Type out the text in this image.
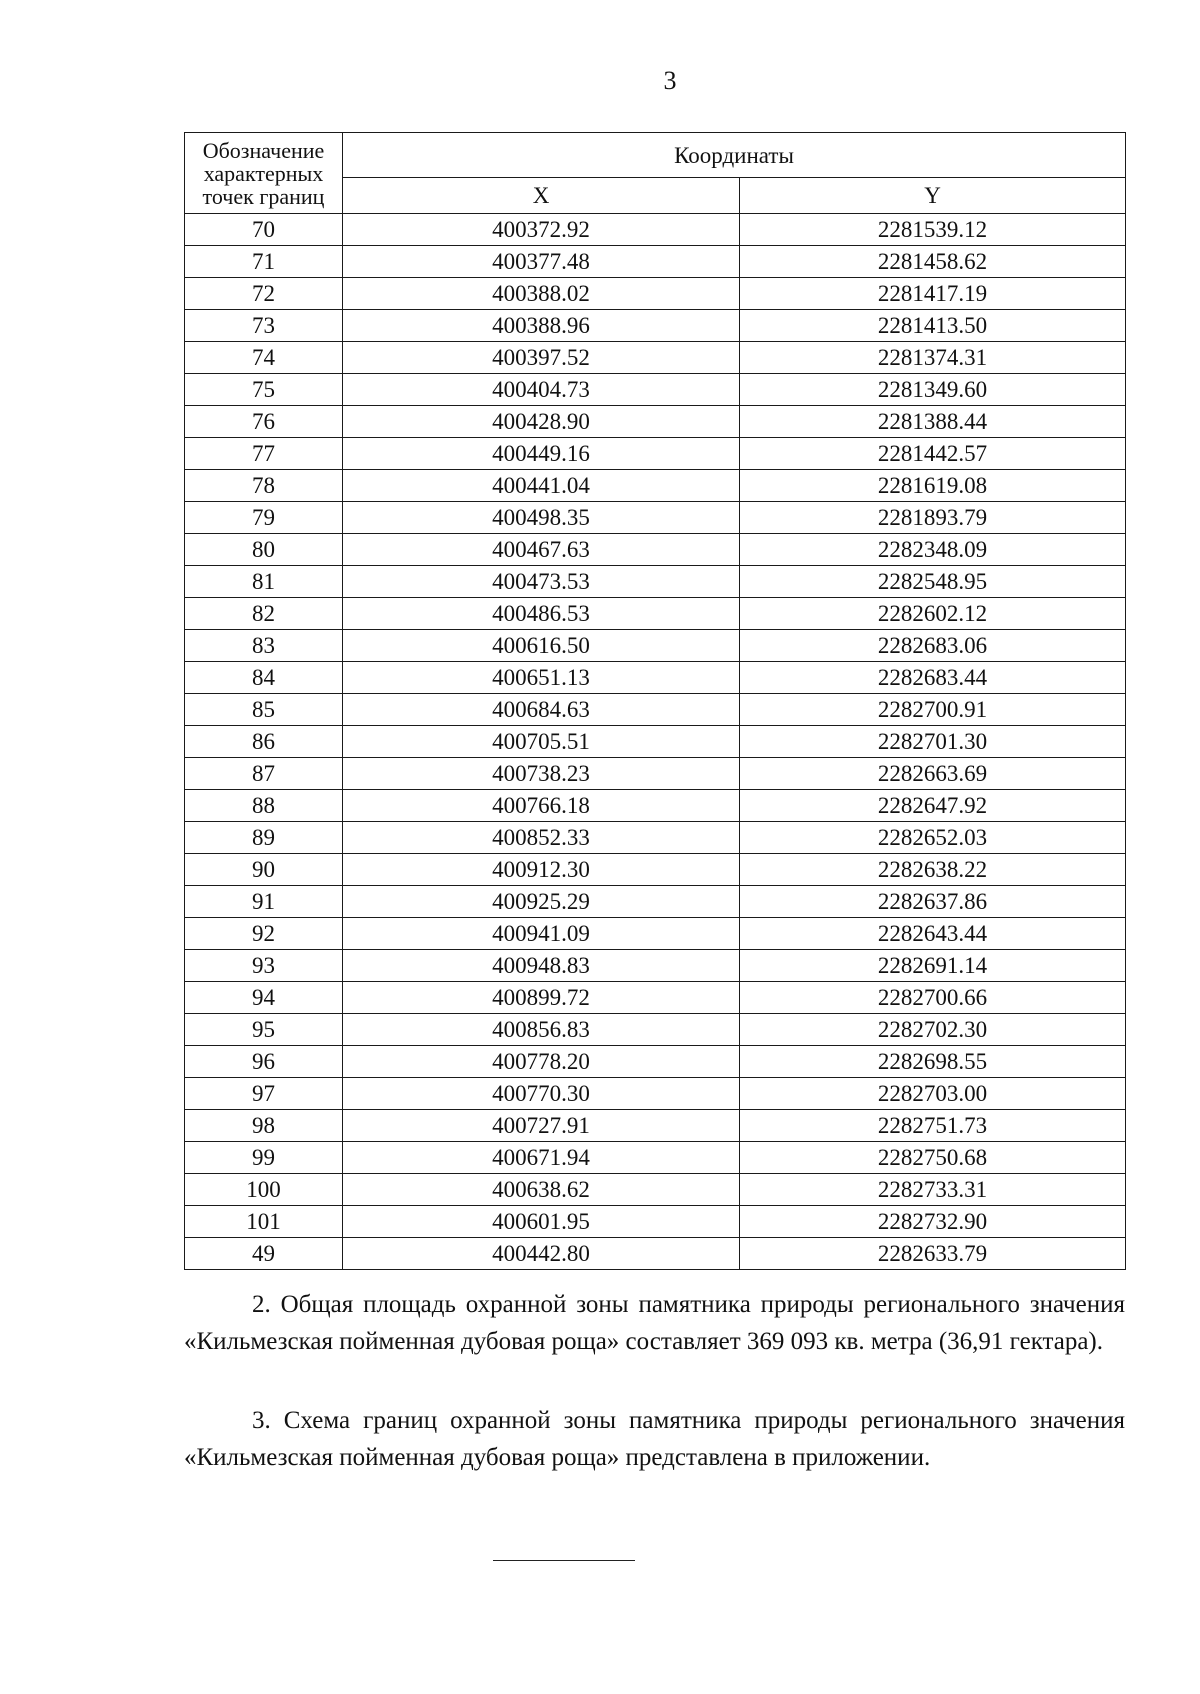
3
Обозначение характерных точек границ	Координаты	
	X	Y
70	400372.92	2281539.12
71	400377.48	2281458.62
72	400388.02	2281417.19
73	400388.96	2281413.50
74	400397.52	2281374.31
75	400404.73	2281349.60
76	400428.90	2281388.44
77	400449.16	2281442.57
78	400441.04	2281619.08
79	400498.35	2281893.79
80	400467.63	2282348.09
81	400473.53	2282548.95
82	400486.53	2282602.12
83	400616.50	2282683.06
84	400651.13	2282683.44
85	400684.63	2282700.91
86	400705.51	2282701.30
87	400738.23	2282663.69
88	400766.18	2282647.92
89	400852.33	2282652.03
90	400912.30	2282638.22
91	400925.29	2282637.86
92	400941.09	2282643.44
93	400948.83	2282691.14
94	400899.72	2282700.66
95	400856.83	2282702.30
96	400778.20	2282698.55
97	400770.30	2282703.00
98	400727.91	2282751.73
99	400671.94	2282750.68
100	400638.62	2282733.31
101	400601.95	2282732.90
49	400442.80	2282633.79

2. Общая площадь охранной зоны памятника природы регионального значения «Кильмезская пойменная дубовая роща» составляет 369 093 кв. метра (36,91 гектара).

3. Схема границ охранной зоны памятника природы регионального значения «Кильмезская пойменная дубовая роща» представлена в приложении.
